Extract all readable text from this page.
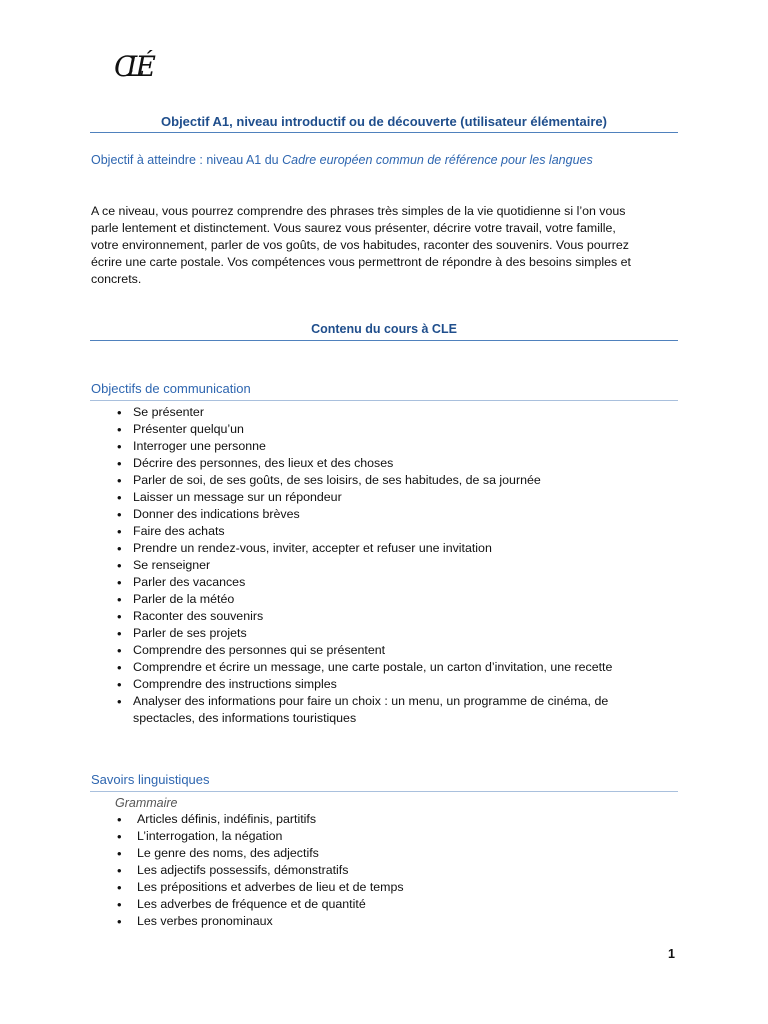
CLÉ
Objectif A1, niveau introductif ou de découverte (utilisateur élémentaire)
Objectif à atteindre : niveau A1 du Cadre européen commun de référence pour les langues
A ce niveau, vous pourrez comprendre des phrases très simples de la vie quotidienne si l’on vous
parle lentement et distinctement. Vous saurez vous présenter, décrire votre travail, votre famille,
votre environnement, parler de vos goûts, de vos habitudes, raconter des souvenirs. Vous pourrez
écrire une carte postale. Vos compétences vous permettront de répondre à des besoins simples et
concrets.
Contenu du cours à CLE
Objectifs de communication
• Se présenter
• Présenter quelqu’un
• Interroger une personne
• Décrire des personnes, des lieux et des choses
• Parler de soi, de ses goûts, de ses loisirs, de ses habitudes, de sa journée
• Laisser un message sur un répondeur
• Donner des indications brèves
• Faire des achats
• Prendre un rendez-vous, inviter, accepter et refuser une invitation
• Se renseigner
• Parler des vacances
• Parler de la météo
• Raconter des souvenirs
• Parler de ses projets
• Comprendre des personnes qui se présentent
• Comprendre et écrire un message, une carte postale, un carton d’invitation, une recette
• Comprendre des instructions simples
• Analyser des informations pour faire un choix : un menu, un programme de cinéma, de
spectacles, des informations touristiques
Savoirs linguistiques
Grammaire
• Articles définis, indéfinis, partitifs
• L’interrogation, la négation
• Le genre des noms, des adjectifs
• Les adjectifs possessifs, démonstratifs
• Les prépositions et adverbes de lieu et de temps
• Les adverbes de fréquence et de quantité
• Les verbes pronominaux
1
